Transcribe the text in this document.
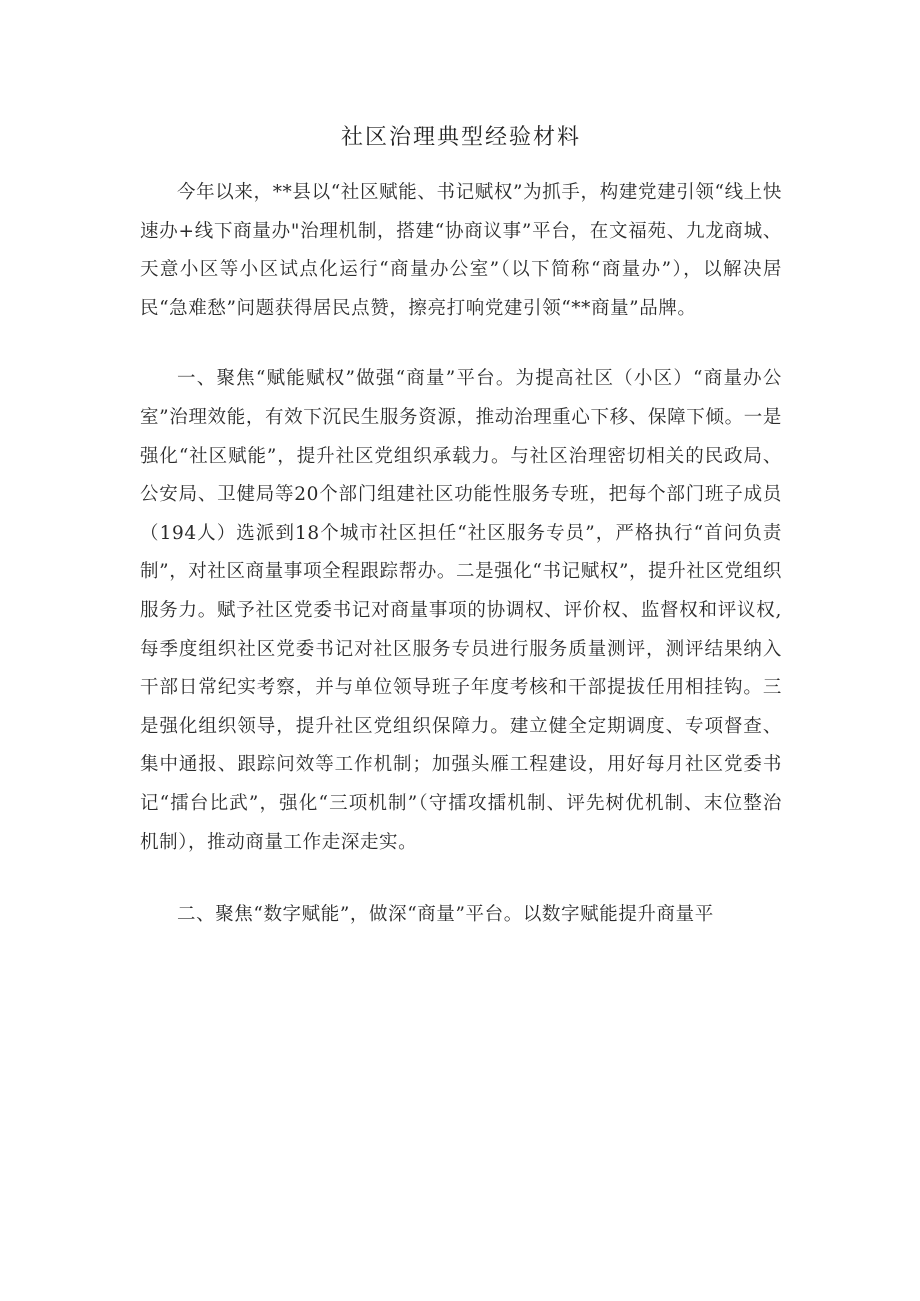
社区治理典型经验材料

今年以来，**县以“社区赋能、书记赋权”为抓手，构建党建引领“线上快速办+线下商量办"治理机制，搭建“协商议事”平台，在文福苑、九龙商城、天意小区等小区试点化运行“商量办公室”（以下简称“商量办”），以解决居民“急难愁”问题获得居民点赞，擦亮打响党建引领“**商量”品牌。

一、聚焦“赋能赋权”做强“商量”平台。为提高社区（小区）“商量办公室”治理效能，有效下沉民生服务资源，推动治理重心下移、保障下倾。一是强化“社区赋能”，提升社区党组织承载力。与社区治理密切相关的民政局、公安局、卫健局等20个部门组建社区功能性服务专班，把每个部门班子成员（194人）选派到18个城市社区担任“社区服务专员”，严格执行“首问负责制”，对社区商量事项全程跟踪帮办。二是强化“书记赋权”，提升社区党组织服务力。赋予社区党委书记对商量事项的协调权、评价权、监督权和评议权,每季度组织社区党委书记对社区服务专员进行服务质量测评，测评结果纳入干部日常纪实考察，并与单位领导班子年度考核和干部提拔任用相挂钩。三是强化组织领导，提升社区党组织保障力。建立健全定期调度、专项督查、集中通报、跟踪问效等工作机制；加强头雁工程建设，用好每月社区党委书记“擂台比武”，强化“三项机制”（守擂攻擂机制、评先树优机制、末位整治机制），推动商量工作走深走实。

二、聚焦“数字赋能”，做深“商量”平台。以数字赋能提升商量平
